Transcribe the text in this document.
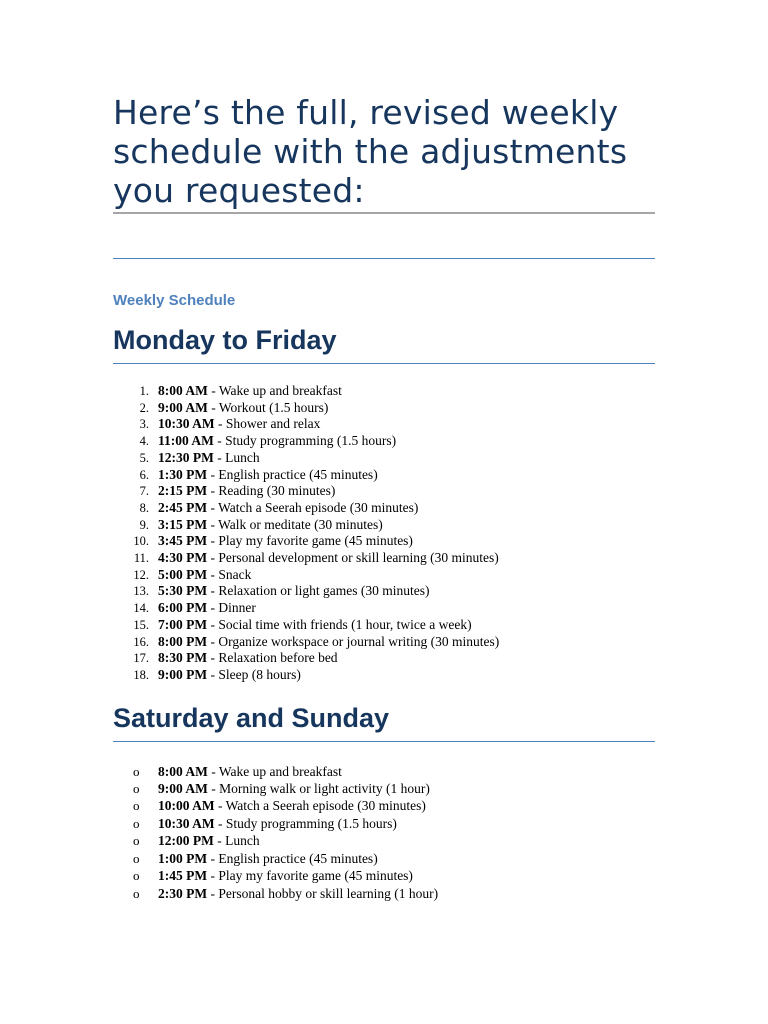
Here’s the full, revised weekly schedule with the adjustments you requested:
Weekly Schedule
Monday to Friday
1. 8:00 AM - Wake up and breakfast
2. 9:00 AM - Workout (1.5 hours)
3. 10:30 AM - Shower and relax
4. 11:00 AM - Study programming (1.5 hours)
5. 12:30 PM - Lunch
6. 1:30 PM - English practice (45 minutes)
7. 2:15 PM - Reading (30 minutes)
8. 2:45 PM - Watch a Seerah episode (30 minutes)
9. 3:15 PM - Walk or meditate (30 minutes)
10. 3:45 PM - Play my favorite game (45 minutes)
11. 4:30 PM - Personal development or skill learning (30 minutes)
12. 5:00 PM - Snack
13. 5:30 PM - Relaxation or light games (30 minutes)
14. 6:00 PM - Dinner
15. 7:00 PM - Social time with friends (1 hour, twice a week)
16. 8:00 PM - Organize workspace or journal writing (30 minutes)
17. 8:30 PM - Relaxation before bed
18. 9:00 PM - Sleep (8 hours)
Saturday and Sunday
o 8:00 AM - Wake up and breakfast
o 9:00 AM - Morning walk or light activity (1 hour)
o 10:00 AM - Watch a Seerah episode (30 minutes)
o 10:30 AM - Study programming (1.5 hours)
o 12:00 PM - Lunch
o 1:00 PM - English practice (45 minutes)
o 1:45 PM - Play my favorite game (45 minutes)
o 2:30 PM - Personal hobby or skill learning (1 hour)
